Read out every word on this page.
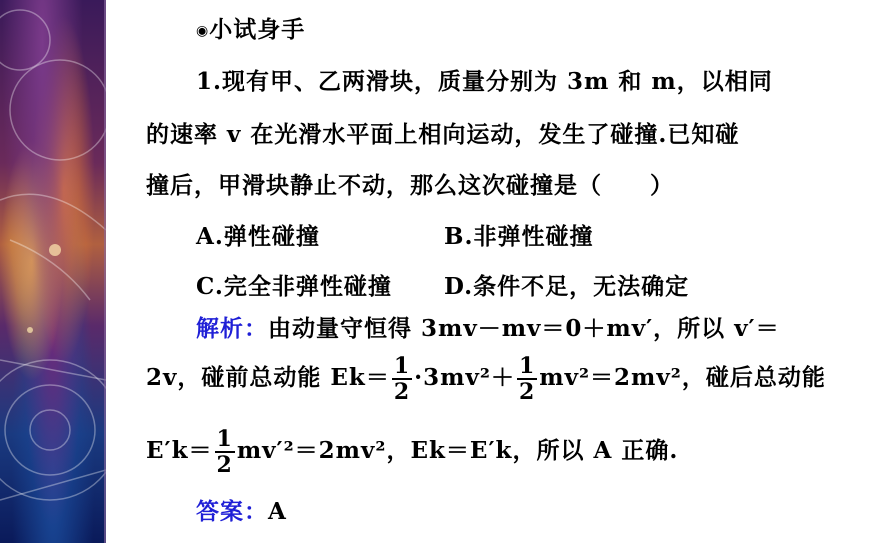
◉小试身手
1.现有甲、乙两滑块，质量分别为 3m 和 m，以相同
的速率 v 在光滑水平面上相向运动，发生了碰撞.已知碰
撞后，甲滑块静止不动，那么这次碰撞是（　　）
A.弹性碰撞	B.非弹性碰撞
C.完全非弹性碰撞 D.条件不足，无法确定
解析：由动量守恒得 3mv－mv＝0＋mv′，所以 v′＝
2v，碰前总动能 $Ek= \frac{1}{2} \cdot 3mv^2+ \frac{1}{2} mv^2=2mv^2$，碰后总动能
$E'k= \frac{1}{2} mv'^2=2mv^2$，Ek＝E′k，所以 A 正确.
答案：A
